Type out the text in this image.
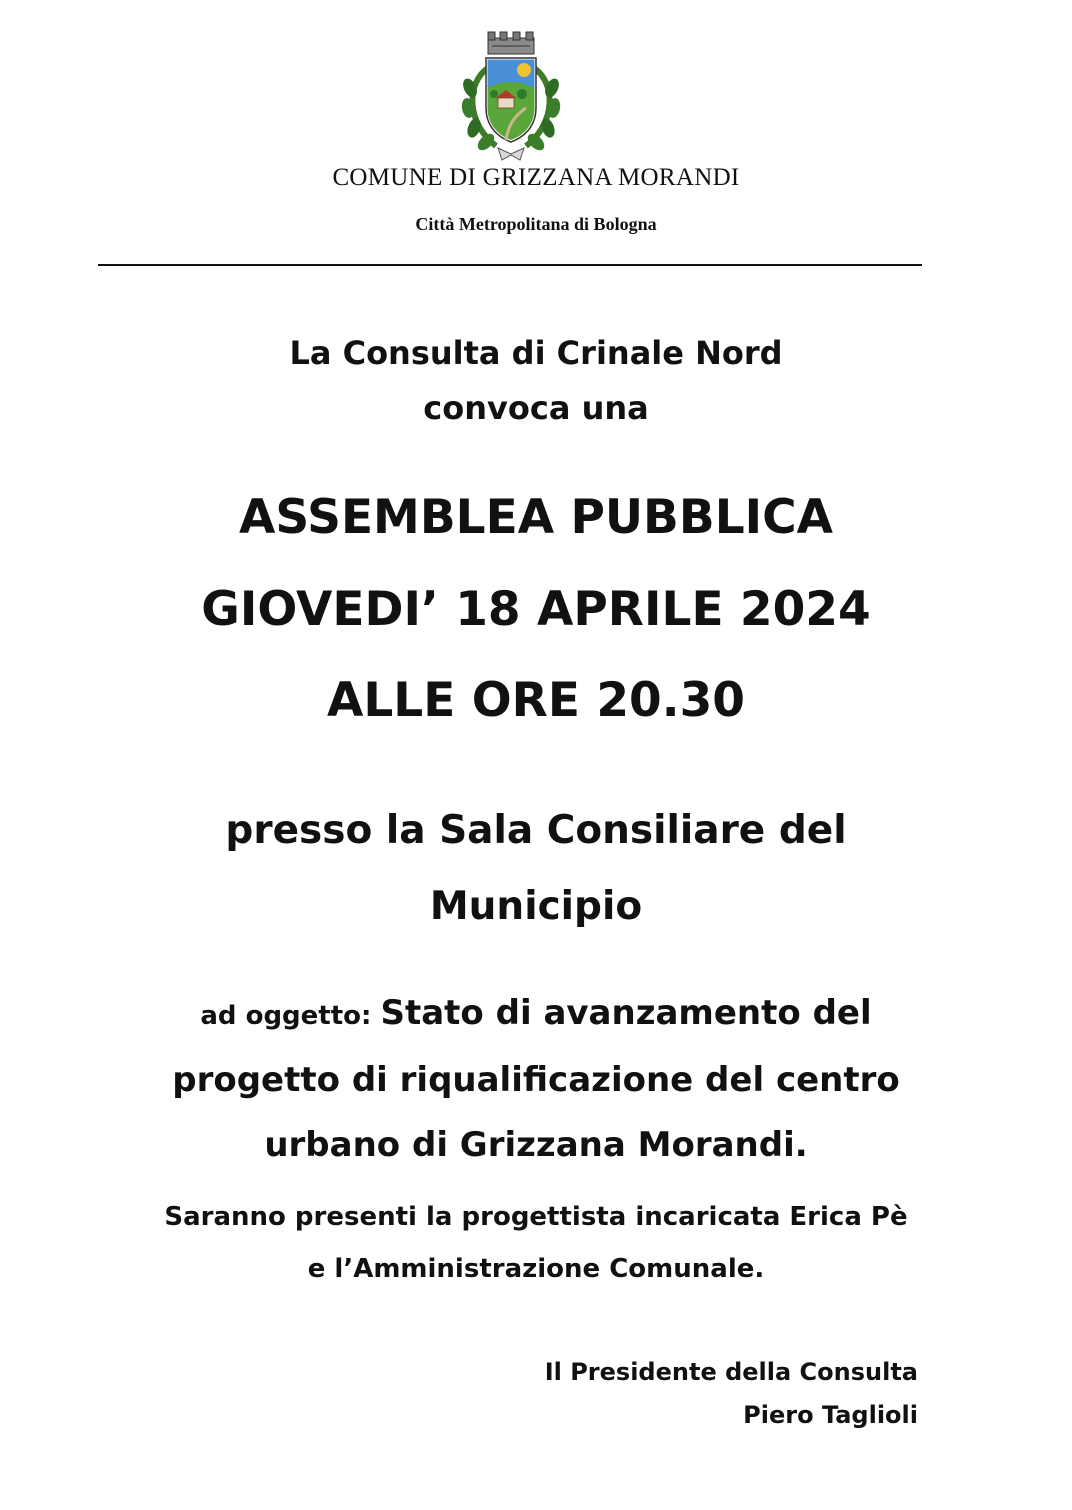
COMUNE DI GRIZZANA MORANDI
Città Metropolitana di Bologna
La Consulta di Crinale Nord
convoca una
ASSEMBLEA PUBBLICA
GIOVEDI’ 18 APRILE 2024
ALLE ORE 20.30
presso la Sala Consiliare del
Municipio
ad oggetto: Stato di avanzamento del
progetto di riqualificazione del centro
urbano di Grizzana Morandi.
Saranno presenti la progettista incaricata Erica Pè
e l’Amministrazione Comunale.
Il Presidente della Consulta
Piero Taglioli
